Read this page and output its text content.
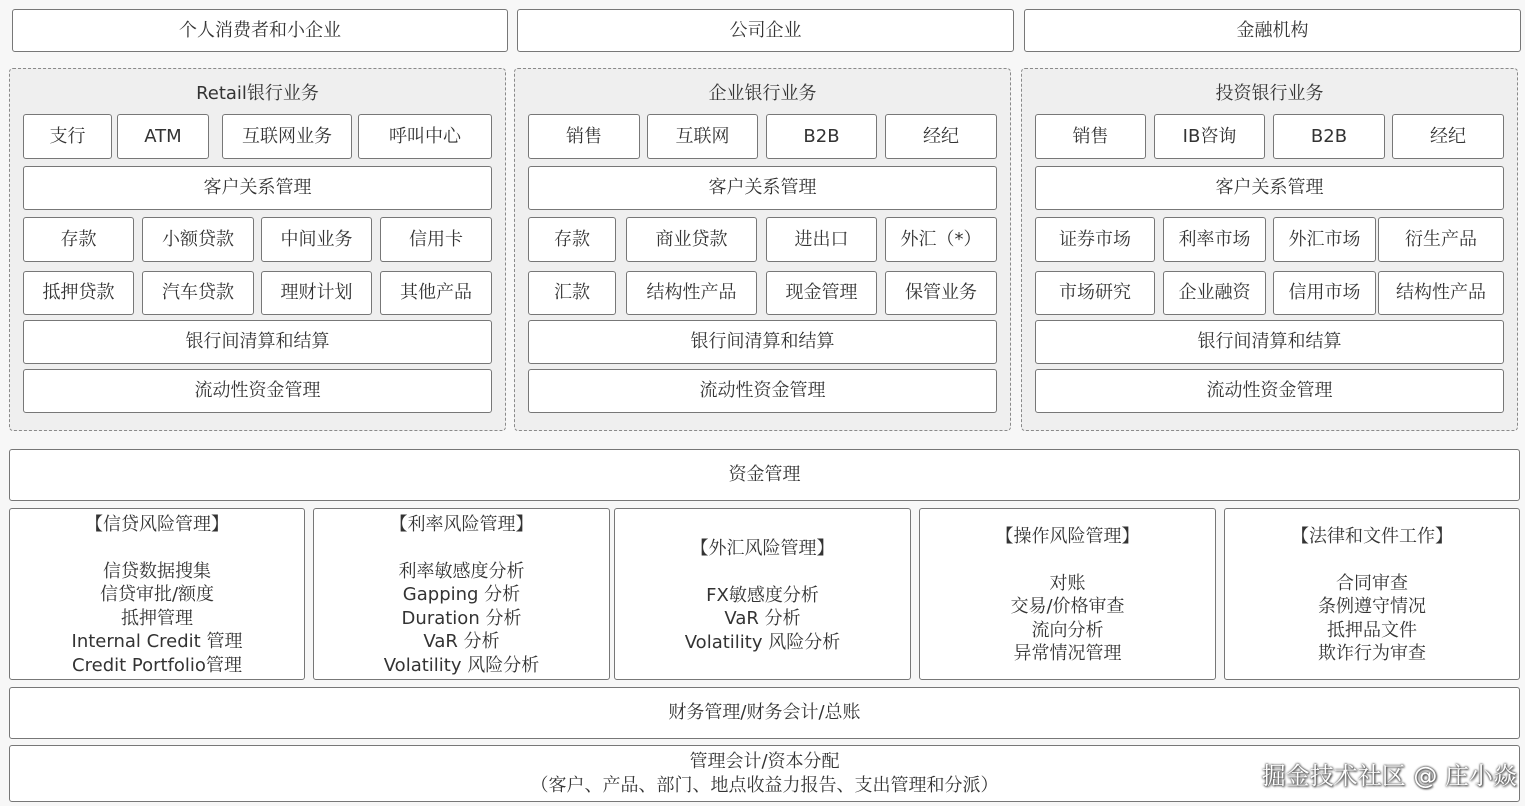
个人消费者和小企业	公司企业	金融机构
Retail银行业务
支行	ATM	互联网业务	呼叫中心
客户关系管理
存款	小额贷款	中间业务	信用卡
抵押贷款	汽车贷款	理财计划	其他产品
银行间清算和结算
流动性资金管理
企业银行业务
销售	互联网	B2B	经纪
客户关系管理
存款	商业贷款	进出口	外汇（*）
汇款	结构性产品	现金管理	保管业务
银行间清算和结算
流动性资金管理
投资银行业务
销售	IB咨询	B2B	经纪
客户关系管理
证券市场	利率市场	外汇市场	衍生产品
市场研究	企业融资	信用市场	结构性产品
银行间清算和结算
流动性资金管理
资金管理
【信贷风险管理】
信贷数据搜集
信贷审批/额度
抵押管理
Internal Credit 管理
Credit Portfolio管理
【利率风险管理】
利率敏感度分析
Gapping 分析
Duration 分析
VaR 分析
Volatility 风险分析
【外汇风险管理】
FX敏感度分析
VaR 分析
Volatility 风险分析
【操作风险管理】
对账
交易/价格审查
流向分析
异常情况管理
【法律和文件工作】
合同审查
条例遵守情况
抵押品文件
欺诈行为审查
财务管理/财务会计/总账
管理会计/资本分配
（客户、产品、部门、地点收益力报告、支出管理和分派）	掘金技术社区 @ 庄小焱
